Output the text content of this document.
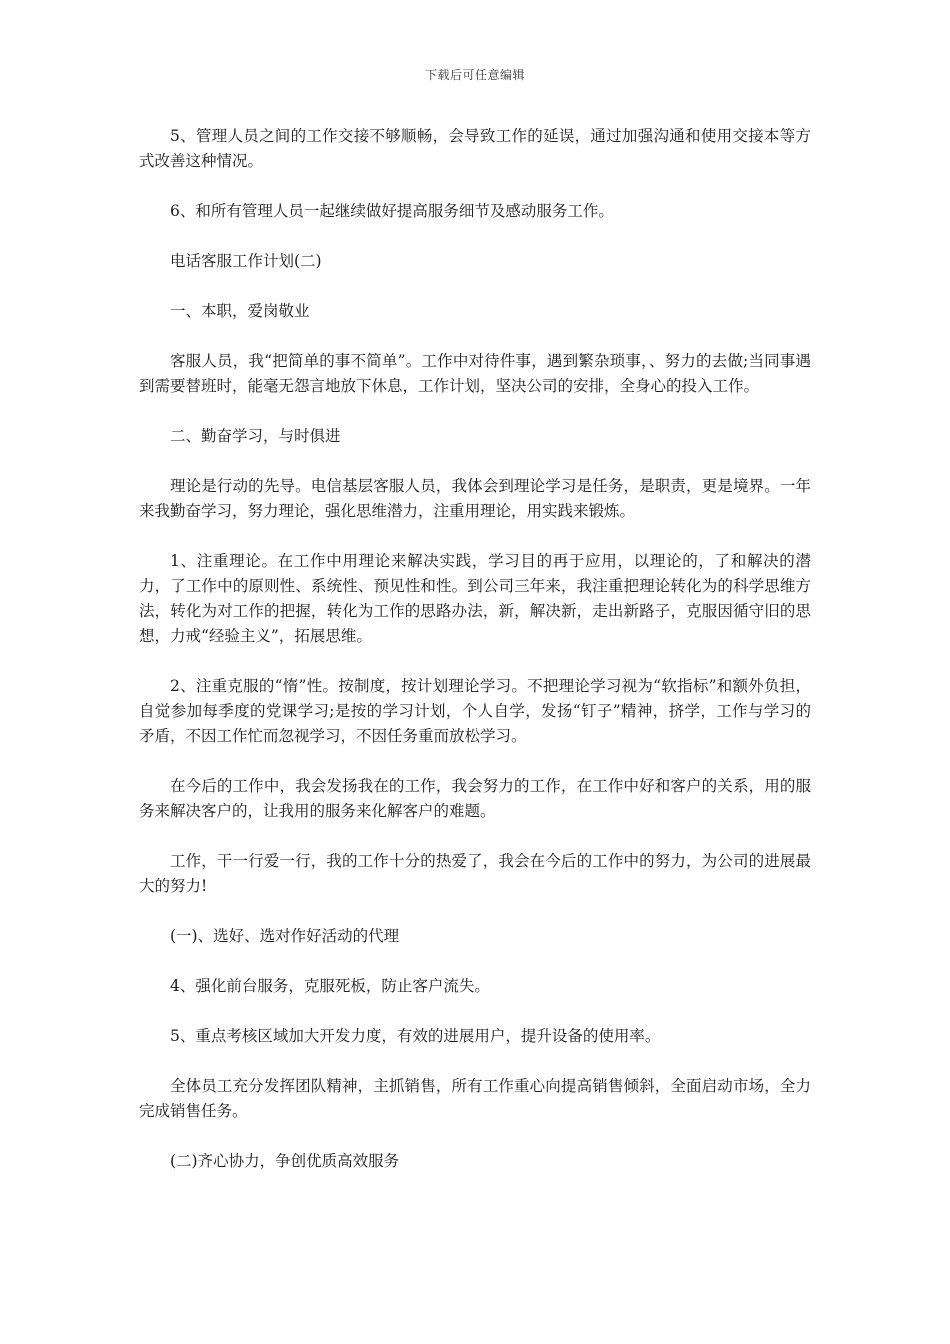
下载后可任意编辑

5、管理人员之间的工作交接不够顺畅，会导致工作的延误，通过加强沟通和使用交接本等方式改善这种情况。

6、和所有管理人员一起继续做好提高服务细节及感动服务工作。

电话客服工作计划(二)

一、本职，爱岗敬业

客服人员，我“把简单的事不简单”。工作中对待件事，遇到繁杂琐事，、努力的去做;当同事遇到需要替班时，能毫无怨言地放下休息，工作计划，坚决公司的安排，全身心的投入工作。

二、勤奋学习，与时俱进

理论是行动的先导。电信基层客服人员，我体会到理论学习是任务，是职责，更是境界。一年来我勤奋学习，努力理论，强化思维潜力，注重用理论，用实践来锻炼。

1、注重理论。在工作中用理论来解决实践，学习目的再于应用，以理论的，了和解决的潜力，了工作中的原则性、系统性、预见性和性。到公司三年来，我注重把理论转化为的科学思维方法，转化为对工作的把握，转化为工作的思路办法，新，解决新，走出新路子，克服因循守旧的思想，力戒“经验主义”，拓展思维。

2、注重克服的“惰”性。按制度，按计划理论学习。不把理论学习视为“软指标”和额外负担，自觉参加每季度的党课学习;是按的学习计划，个人自学，发扬“钉子”精神，挤学，工作与学习的矛盾，不因工作忙而忽视学习，不因任务重而放松学习。

在今后的工作中，我会发扬我在的工作，我会努力的工作，在工作中好和客户的关系，用的服务来解决客户的，让我用的服务来化解客户的难题。

工作，干一行爱一行，我的工作十分的热爱了，我会在今后的工作中的努力，为公司的进展最大的努力!

(一)、选好、选对作好活动的代理

4、强化前台服务，克服死板，防止客户流失。

5、重点考核区域加大开发力度，有效的进展用户，提升设备的使用率。

全体员工充分发挥团队精神，主抓销售，所有工作重心向提高销售倾斜，全面启动市场，全力完成销售任务。

(二)齐心协力，争创优质高效服务
